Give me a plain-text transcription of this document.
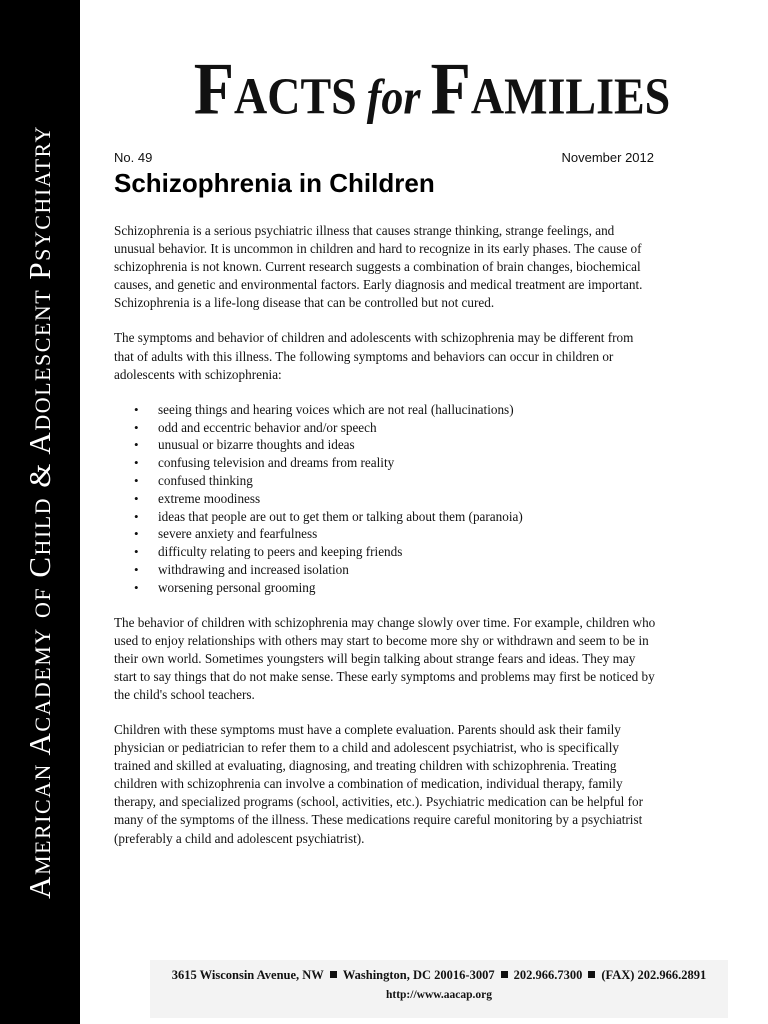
American Academy of Child & Adolescent Psychiatry
Facts for Families
No. 49	November 2012
Schizophrenia in Children

Schizophrenia is a serious psychiatric illness that causes strange thinking, strange feelings, and unusual behavior. It is uncommon in children and hard to recognize in its early phases. The cause of schizophrenia is not known. Current research suggests a combination of brain changes, biochemical causes, and genetic and environmental factors. Early diagnosis and medical treatment are important. Schizophrenia is a life-long disease that can be controlled but not cured.

The symptoms and behavior of children and adolescents with schizophrenia may be different from that of adults with this illness. The following symptoms and behaviors can occur in children or adolescents with schizophrenia:

• seeing things and hearing voices which are not real (hallucinations)
• odd and eccentric behavior and/or speech
• unusual or bizarre thoughts and ideas
• confusing television and dreams from reality
• confused thinking
• extreme moodiness
• ideas that people are out to get them or talking about them (paranoia)
• severe anxiety and fearfulness
• difficulty relating to peers and keeping friends
• withdrawing and increased isolation
• worsening personal grooming

The behavior of children with schizophrenia may change slowly over time. For example, children who used to enjoy relationships with others may start to become more shy or withdrawn and seem to be in their own world. Sometimes youngsters will begin talking about strange fears and ideas. They may start to say things that do not make sense. These early symptoms and problems may first be noticed by the child's school teachers.

Children with these symptoms must have a complete evaluation. Parents should ask their family physician or pediatrician to refer them to a child and adolescent psychiatrist, who is specifically trained and skilled at evaluating, diagnosing, and treating children with schizophrenia. Treating children with schizophrenia can involve a combination of medication, individual therapy, family therapy, and specialized programs (school, activities, etc.). Psychiatric medication can be helpful for many of the symptoms of the illness. These medications require careful monitoring by a psychiatrist (preferably a child and adolescent psychiatrist).

3615 Wisconsin Avenue, NW Washington, DC 20016-3007 202.966.7300 (FAX) 202.966.2891
http://www.aacap.org
